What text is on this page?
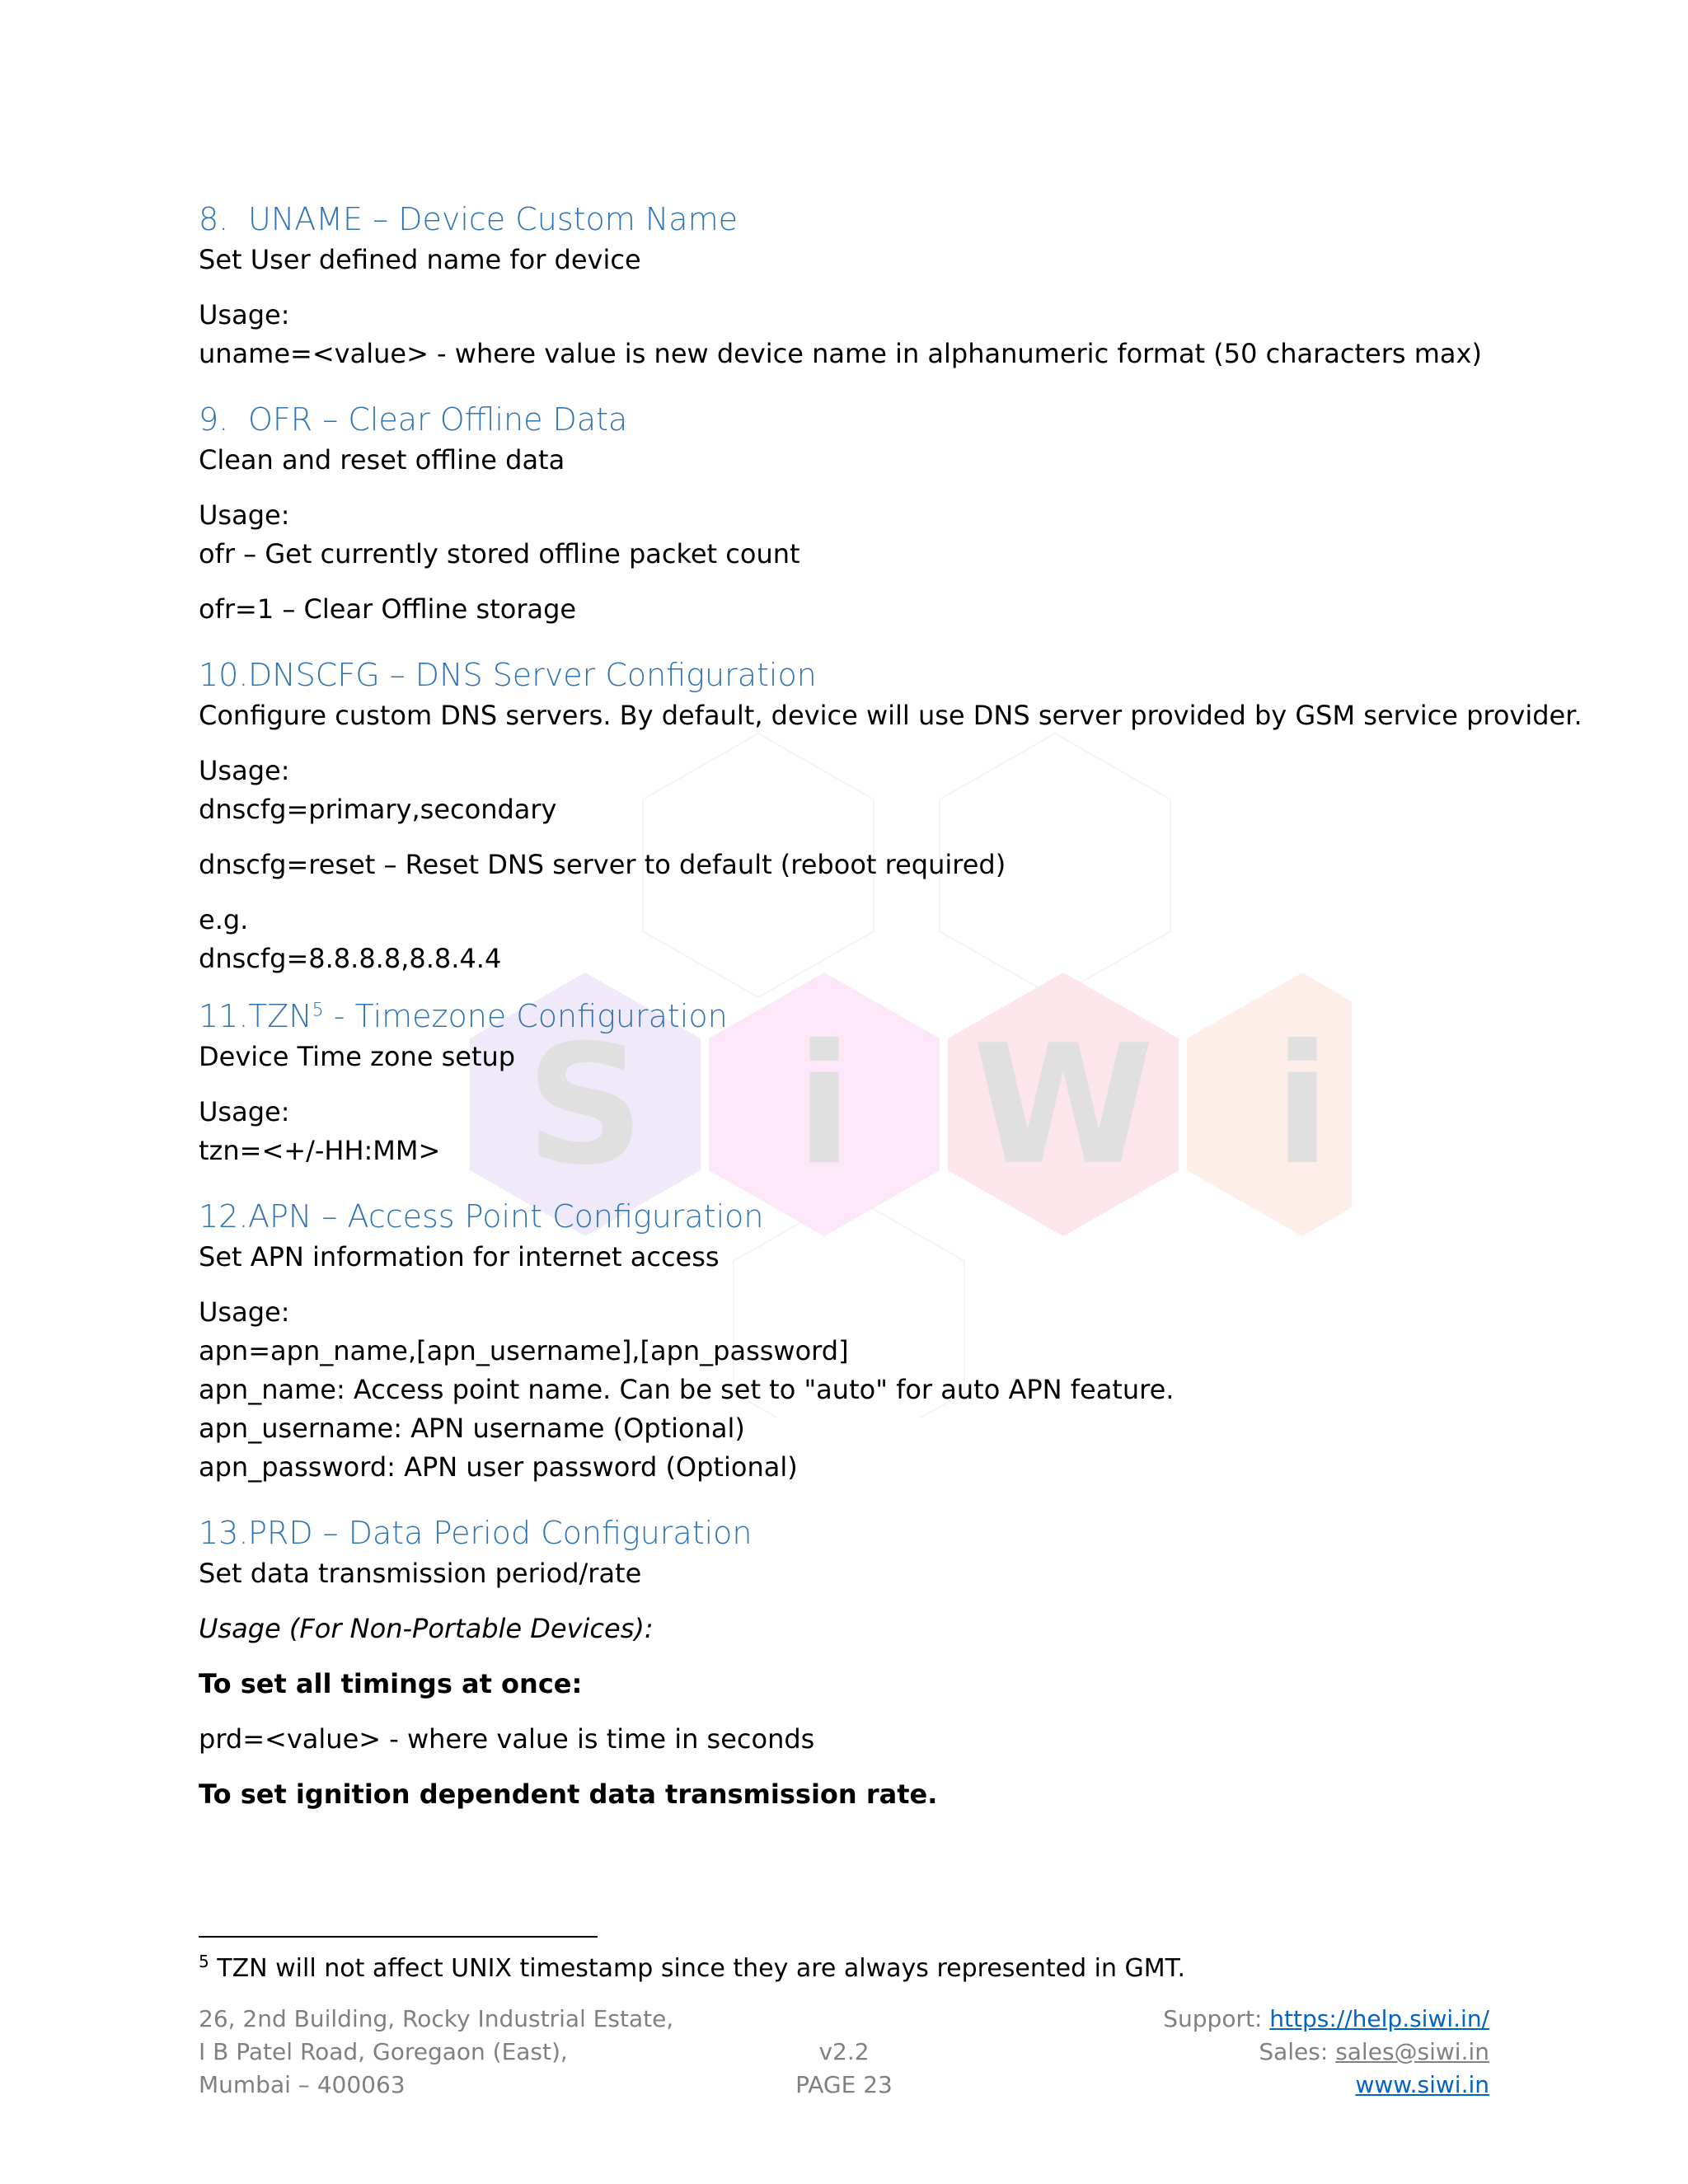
S i W i
8. UNAME – Device Custom Name

Set User defined name for device

Usage:

uname=<value> - where value is new device name in alphanumeric format (50 characters max)

9. OFR – Clear Offline Data

Clean and reset offline data

Usage:

ofr – Get currently stored offline packet count

ofr=1 – Clear Offline storage

10.DNSCFG – DNS Server Configuration

Configure custom DNS servers. By default, device will use DNS server provided by GSM service provider.

Usage:

dnscfg=primary,secondary

dnscfg=reset – Reset DNS server to default (reboot required)

e.g.

dnscfg=8.8.8.8,8.8.4.4

11.TZN$^5$ - Timezone Configuration

Device Time zone setup

Usage:

tzn=<+/-HH:MM>

12.APN – Access Point Configuration

Set APN information for internet access

Usage:

apn=apn_name,[apn_username],[apn_password]

apn_name: Access point name. Can be set to "auto" for auto APN feature.

apn_username: APN username (Optional)

apn_password: APN user password (Optional)

13.PRD – Data Period Configuration

Set data transmission period/rate

Usage (For Non-Portable Devices):

To set all timings at once:

prd=<value> - where value is time in seconds

To set ignition dependent data transmission rate.

$^5$ TZN will not affect UNIX timestamp since they are always represented in GMT.
26, 2nd Building, Rocky Industrial Estate,
I B Patel Road, Goregaon (East),
Mumbai – 400063
v2.2
PAGE 23
Support: https://help.siwi.in/
Sales: sales@siwi.in
www.siwi.in
